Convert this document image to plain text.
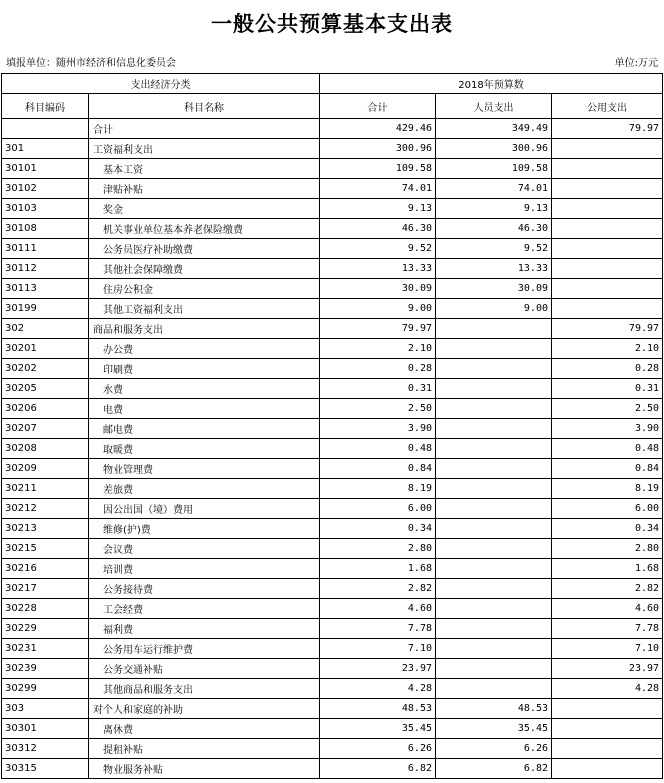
一般公共预算基本支出表
填报单位：随州市经济和信息化委员会	单位:万元
支出经济分类		2018年预算数		
科目编码	科目名称	合计	人员支出	公用支出
	合计	429.46	349.49	79.97
301	工资福利支出	300.96	300.96	
30101	基本工资	109.58	109.58	
30102	津贴补贴	74.01	74.01	
30103	奖金	9.13	9.13	
30108	机关事业单位基本养老保险缴费	46.30	46.30	
30111	公务员医疗补助缴费	9.52	9.52	
30112	其他社会保障缴费	13.33	13.33	
30113	住房公积金	30.09	30.09	
30199	其他工资福利支出	9.00	9.00	
302	商品和服务支出	79.97		79.97
30201	办公费	2.10		2.10
30202	印刷费	0.28		0.28
30205	水费	0.31		0.31
30206	电费	2.50		2.50
30207	邮电费	3.90		3.90
30208	取暖费	0.48		0.48
30209	物业管理费	0.84		0.84
30211	差旅费	8.19		8.19
30212	因公出国（境）费用	6.00		6.00
30213	维修(护)费	0.34		0.34
30215	会议费	2.80		2.80
30216	培训费	1.68		1.68
30217	公务接待费	2.82		2.82
30228	工会经费	4.60		4.60
30229	福利费	7.78		7.78
30231	公务用车运行维护费	7.10		7.10
30239	公务交通补贴	23.97		23.97
30299	其他商品和服务支出	4.28		4.28
303	对个人和家庭的补助	48.53	48.53	
30301	离休费	35.45	35.45	
30312	提租补贴	6.26	6.26	
30315	物业服务补贴	6.82	6.82	
